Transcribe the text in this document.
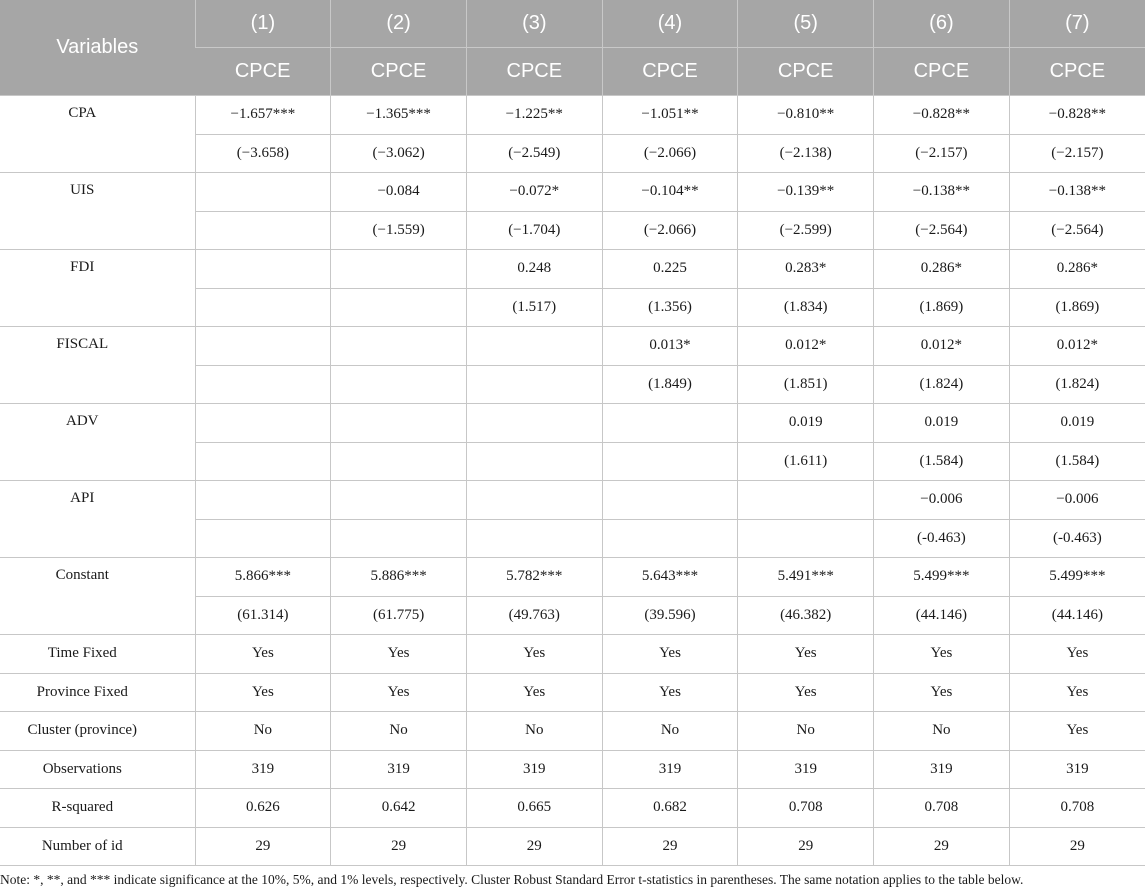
Variables	(1)	(2)	(3)	(4)	(5)	(6)	(7)
	CPCE	CPCE	CPCE	CPCE	CPCE	CPCE	CPCE
CPA	−1.657***	−1.365***	−1.225**	−1.051**	−0.810**	−0.828**	−0.828**
	(−3.658)	(−3.062)	(−2.549)	(−2.066)	(−2.138)	(−2.157)	(−2.157)
UIS		−0.084	−0.072*	−0.104**	−0.139**	−0.138**	−0.138**
		(−1.559)	(−1.704)	(−2.066)	(−2.599)	(−2.564)	(−2.564)
FDI			0.248	0.225	0.283*	0.286*	0.286*
			(1.517)	(1.356)	(1.834)	(1.869)	(1.869)
FISCAL				0.013*	0.012*	0.012*	0.012*
				(1.849)	(1.851)	(1.824)	(1.824)
ADV					0.019	0.019	0.019
					(1.611)	(1.584)	(1.584)
API						−0.006	−0.006
						(-0.463)	(-0.463)
Constant	5.866***	5.886***	5.782***	5.643***	5.491***	5.499***	5.499***
	(61.314)	(61.775)	(49.763)	(39.596)	(46.382)	(44.146)	(44.146)
Time Fixed	Yes	Yes	Yes	Yes	Yes	Yes	Yes
Province Fixed	Yes	Yes	Yes	Yes	Yes	Yes	Yes
Cluster (province)	No	No	No	No	No	No	Yes
Observations	319	319	319	319	319	319	319
R-squared	0.626	0.642	0.665	0.682	0.708	0.708	0.708
Number of id	29	29	29	29	29	29	29

Note: *, **, and *** indicate significance at the 10%, 5%, and 1% levels, respectively. Cluster Robust Standard Error t-statistics in parentheses. The same notation applies to the table below.
